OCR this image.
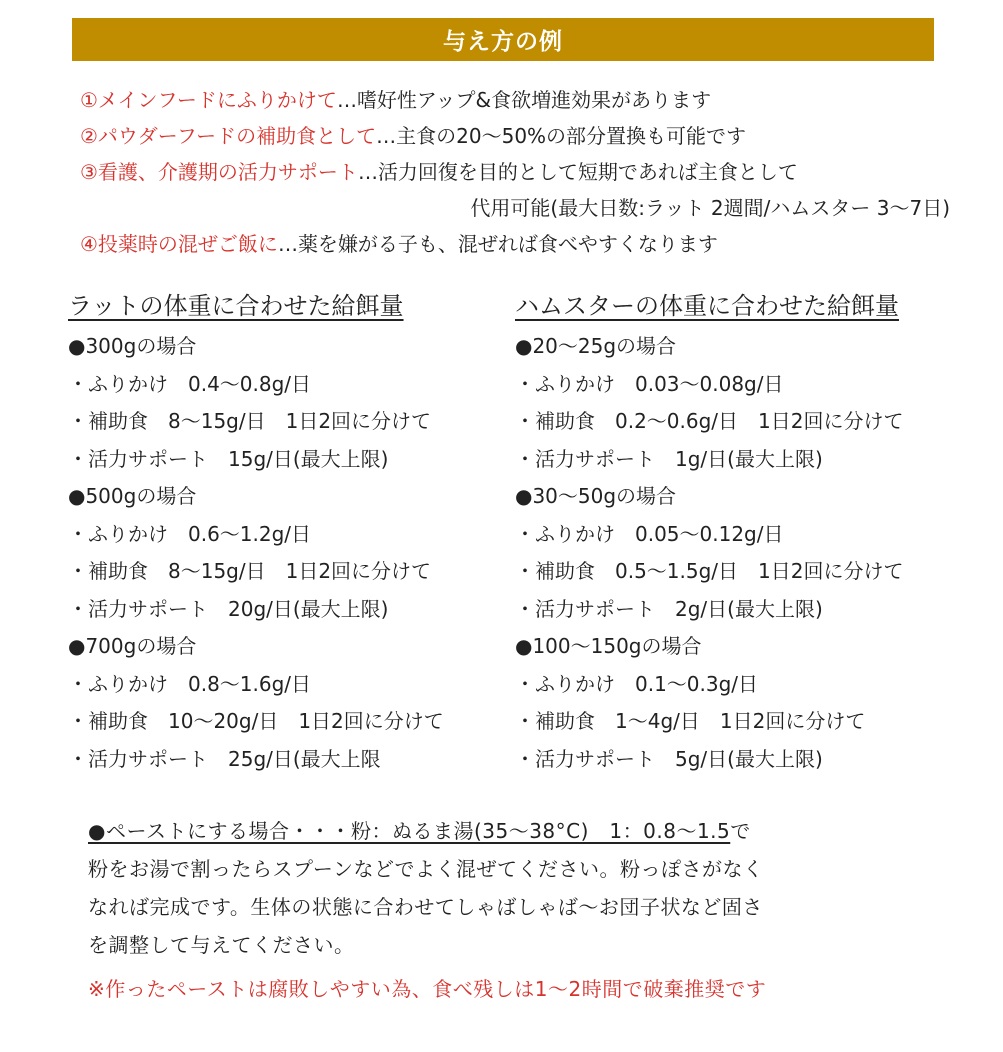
与え方の例
①メインフードにふりかけて…嗜好性アップ&食欲増進効果があります
②パウダーフードの補助食として…主食の20～50%の部分置換も可能です
③看護、介護期の活力サポート…活力回復を目的として短期であれば主食として
代用可能(最大日数:ラット 2週間/ハムスター 3～7日)
④投薬時の混ぜご飯に…薬を嫌がる子も、混ぜれば食べやすくなります
ラットの体重に合わせた給餌量
●300gの場合
・ふりかけ　0.4～0.8g/日
・補助食　8～15g/日　1日2回に分けて
・活力サポート　15g/日(最大上限)
●500gの場合
・ふりかけ　0.6～1.2g/日
・補助食　8～15g/日　1日2回に分けて
・活力サポート　20g/日(最大上限)
●700gの場合
・ふりかけ　0.8～1.6g/日
・補助食　10～20g/日　1日2回に分けて
・活力サポート　25g/日(最大上限
ハムスターの体重に合わせた給餌量
●20～25gの場合
・ふりかけ　0.03～0.08g/日
・補助食　0.2～0.6g/日　1日2回に分けて
・活力サポート　1g/日(最大上限)
●30～50gの場合
・ふりかけ　0.05～0.12g/日
・補助食　0.5～1.5g/日　1日2回に分けて
・活力サポート　2g/日(最大上限)
●100～150gの場合
・ふりかけ　0.1～0.3g/日
・補助食　1～4g/日　1日2回に分けて
・活力サポート　5g/日(最大上限)
●ペーストにする場合・・・粉：ぬるま湯(35～38°C)　1：0.8～1.5で
粉をお湯で割ったらスプーンなどでよく混ぜてください。粉っぽさがなく
なれば完成です。生体の状態に合わせてしゃばしゃば～お団子状など固さ
を調整して与えてください。
※作ったペーストは腐敗しやすい為、食べ残しは1～2時間で破棄推奨です
